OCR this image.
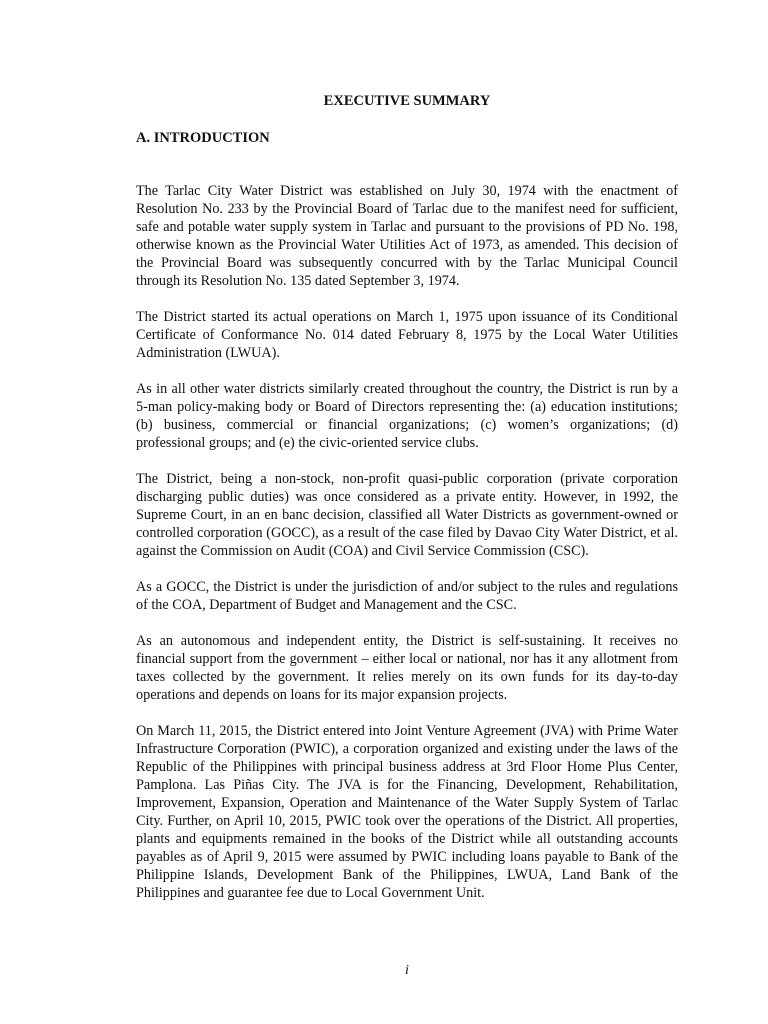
EXECUTIVE SUMMARY
A. INTRODUCTION

The Tarlac City Water District was established on July 30, 1974 with the enactment of Resolution No. 233 by the Provincial Board of Tarlac due to the manifest need for sufficient, safe and potable water supply system in Tarlac and pursuant to the provisions of PD No. 198, otherwise known as the Provincial Water Utilities Act of 1973, as amended. This decision of the Provincial Board was subsequently concurred with by the Tarlac Municipal Council through its Resolution No. 135 dated September 3, 1974.

The District started its actual operations on March 1, 1975 upon issuance of its Conditional Certificate of Conformance No. 014 dated February 8, 1975 by the Local Water Utilities Administration (LWUA).

As in all other water districts similarly created throughout the country, the District is run by a 5-man policy-making body or Board of Directors representing the: (a) education institutions; (b) business, commercial or financial organizations; (c) women’s organizations; (d) professional groups; and (e) the civic-oriented service clubs.

The District, being a non-stock, non-profit quasi-public corporation (private corporation discharging public duties) was once considered as a private entity. However, in 1992, the Supreme Court, in an en banc decision, classified all Water Districts as government-owned or controlled corporation (GOCC), as a result of the case filed by Davao City Water District, et al. against the Commission on Audit (COA) and Civil Service Commission (CSC).

As a GOCC, the District is under the jurisdiction of and/or subject to the rules and regulations of the COA, Department of Budget and Management and the CSC.

As an autonomous and independent entity, the District is self-sustaining. It receives no financial support from the government – either local or national, nor has it any allotment from taxes collected by the government. It relies merely on its own funds for its day-to-day operations and depends on loans for its major expansion projects.

On March 11, 2015, the District entered into Joint Venture Agreement (JVA) with Prime Water Infrastructure Corporation (PWIC), a corporation organized and existing under the laws of the Republic of the Philippines with principal business address at 3rd Floor Home Plus Center, Pamplona. Las Piñas City. The JVA is for the Financing, Development, Rehabilitation, Improvement, Expansion, Operation and Maintenance of the Water Supply System of Tarlac City. Further, on April 10, 2015, PWIC took over the operations of the District. All properties, plants and equipments remained in the books of the District while all outstanding accounts payables as of April 9, 2015 were assumed by PWIC including loans payable to Bank of the Philippine Islands, Development Bank of the Philippines, LWUA, Land Bank of the Philippines and guarantee fee due to Local Government Unit.

i
